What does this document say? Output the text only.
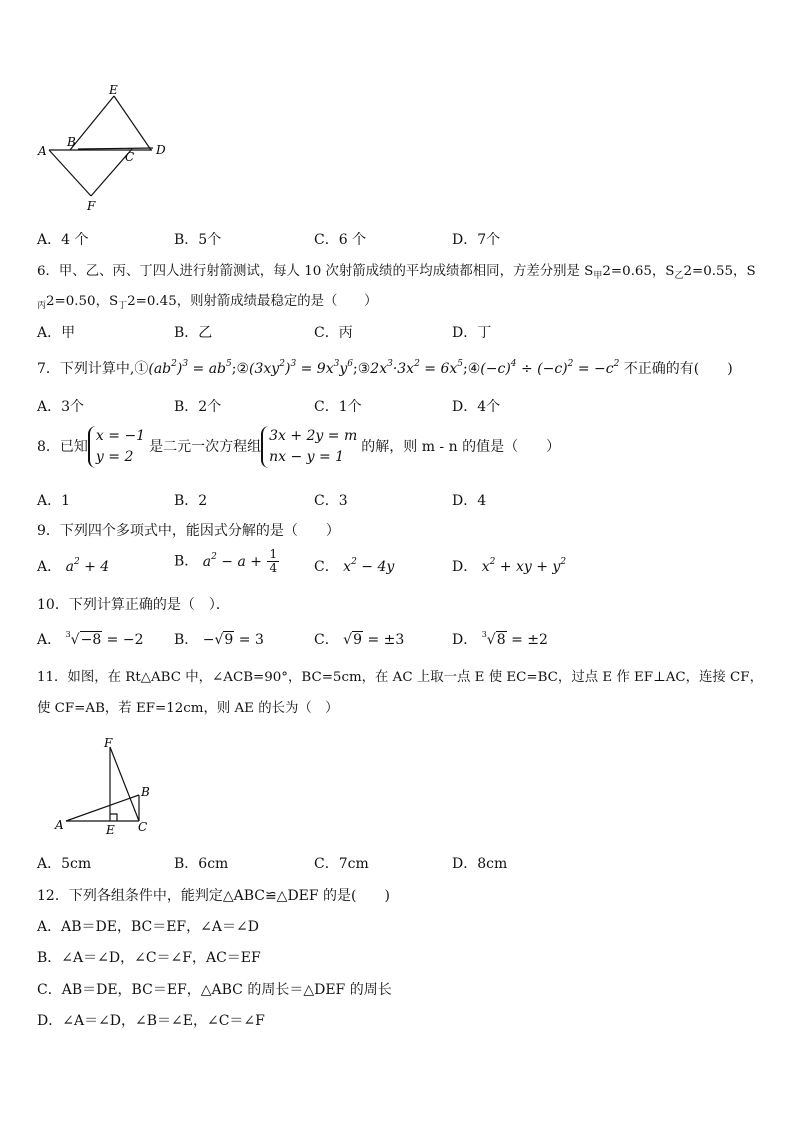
E
A
B
C D
F
A．4 个	B．5个	C．6 个	D．7个
6．甲、乙、丙、丁四人进行射箭测试，每人 10 次射箭成绩的平均成绩都相同，方差分别是 $S_甲2=0.65$，$S_乙2=0.55$，S
$_丙$2=0.50，$S_丁2=0.45$，则射箭成绩最稳定的是（　　）
A．甲	B．乙	C．丙	D．丁
7．下列计算中$,①(ab^2)^3$ = $ab^5;②(3xy^2)^3$ = $9x^3y^6;③2x^3\cdot 3x^2$ = $6x^5;④(-c)^4 \div (-c)^2 = -c^2$ 不正确的有(　　)
A．3个	B．2个	C．1个	D．4个
8．已知
x = −1
y = 2
是二元一次方程组
3x + 2y = m
nx − y = 1
的解，则 m - n 的值是（　　）
A．1	B．2	C．3	D．4
9．下列四个多项式中，能因式分解的是（　　）
A． $a^2 + 4$	B． $a^2 - a + \frac{1}{4}$ C． $x^2 - 4y$	D． $x^2$ + xy + $y^2$
10．下列计算正确的是（　）．
A． $^3$√−8 = −2 B． −√9 = 3	C． √9 = ±3	D． $^3$√8 = ±2
11．如图，在 Rt△ABC 中，∠ACB=90°，BC=5cm，在 AC 上取一点 E 使 EC=BC，过点 E 作 EF⊥AC，连接 CF，
使 CF=AB，若 EF=12cm，则 AE 的长为（　）
F
B
A	E C
A．5cm	B．6cm	C．7cm	D．8cm
12．下列各组条件中，能判定△ABC≌△DEF 的是(　　)
A．AB＝DE，BC＝EF，∠A＝∠D
B．∠A＝∠D，∠C＝∠F，AC＝EF
C．AB＝DE，BC＝EF，△ABC 的周长＝△DEF 的周长
D．∠A＝∠D，∠B＝∠E，∠C＝∠F
